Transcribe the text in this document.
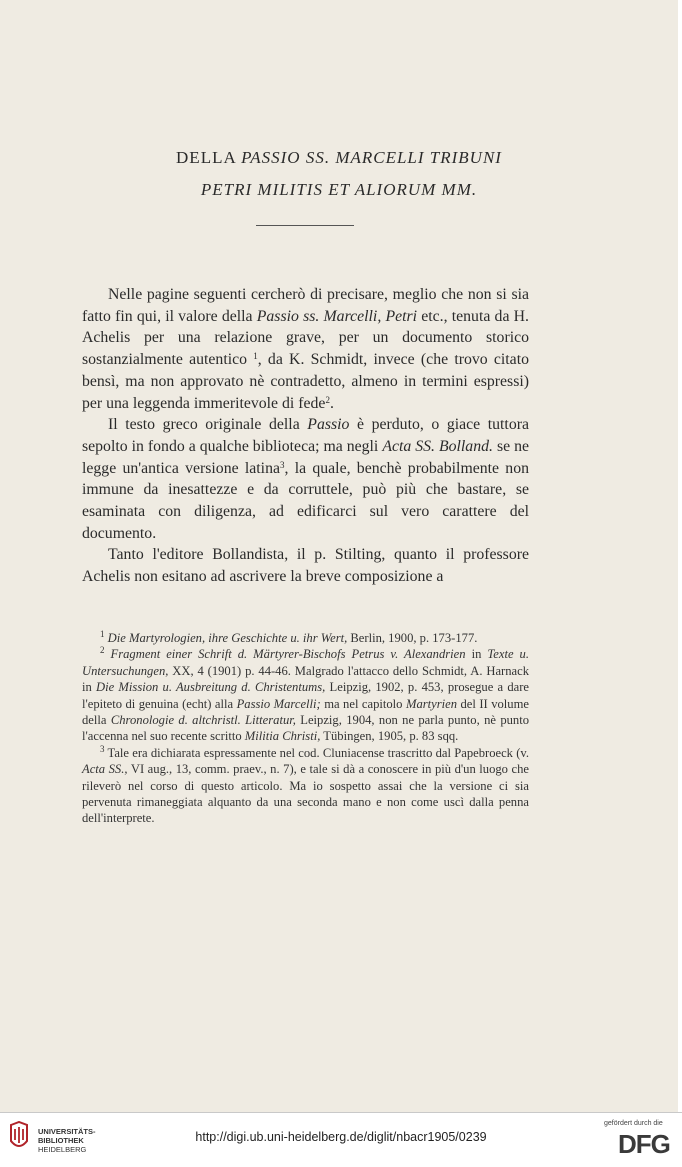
DELLA PASSIO SS. MARCELLI TRIBUNI
PETRI MILITIS ET ALIORUM MM.

Nelle pagine seguenti cercherò di precisare, meglio che non si sia fatto fin qui, il valore della Passio ss. Marcelli, Petri etc., tenuta da H. Achelis per una relazione grave, per un documento storico sostanzialmente autentico $^1$, da K. Schmidt, invece (che trovo citato bensì, ma non approvato nè contradetto, almeno in termini espressi) per una leggenda immeritevole di fede$^2$.

Il testo greco originale della Passio è perduto, o giace tuttora sepolto in fondo a qualche biblioteca; ma negli Acta SS. Bolland. se ne legge un'antica versione latina$^3$, la quale, benchè probabilmente non immune da inesattezze e da corruttele, può più che bastare, se esaminata con diligenza, ad edificarci sul vero carattere del documento.

Tanto l'editore Bollandista, il p. Stilting, quanto il professore Achelis non esitano ad ascrivere la breve composizione a

$^1$ Die Martyrologien, ihre Geschichte u. ihr Wert, Berlin, 1900, p. 173-177.

$^2$ Fragment einer Schrift d. Märtyrer-Bischofs Petrus v. Alexandrien in Texte u. Untersuchungen, XX, 4 (1901) p. 44-46. Malgrado l'attacco dello Schmidt, A. Harnack in Die Mission u. Ausbreitung d. Christentums, Leipzig, 1902, p. 453, prosegue a dare l'epiteto di genuina (echt) alla Passio Marcelli; ma nel capitolo Martyrien del II volume della Chronologie d. altchristl. Litteratur, Leipzig, 1904, non ne parla punto, nè punto l'accenna nel suo recente scritto Militia Christi, Tübingen, 1905, p. 83 sqq.

$^3$ Tale era dichiarata espressamente nel cod. Cluniacense trascritto dal Papebroeck (v. Acta SS., VI aug., 13, comm. praev., n. 7), e tale si dà a conoscere in più d'un luogo che rileverò nel corso di questo articolo. Ma io sospetto assai che la versione ci sia pervenuta rimaneggiata alquanto da una seconda mano e non come uscì dalla penna dell'interprete.

UNIVERSITÄTS-
BIBLIOTHEK
HEIDELBERG
http://digi.ub.uni-heidelberg.de/diglit/nbacr1905/0239
gefördert durch die
DFG
